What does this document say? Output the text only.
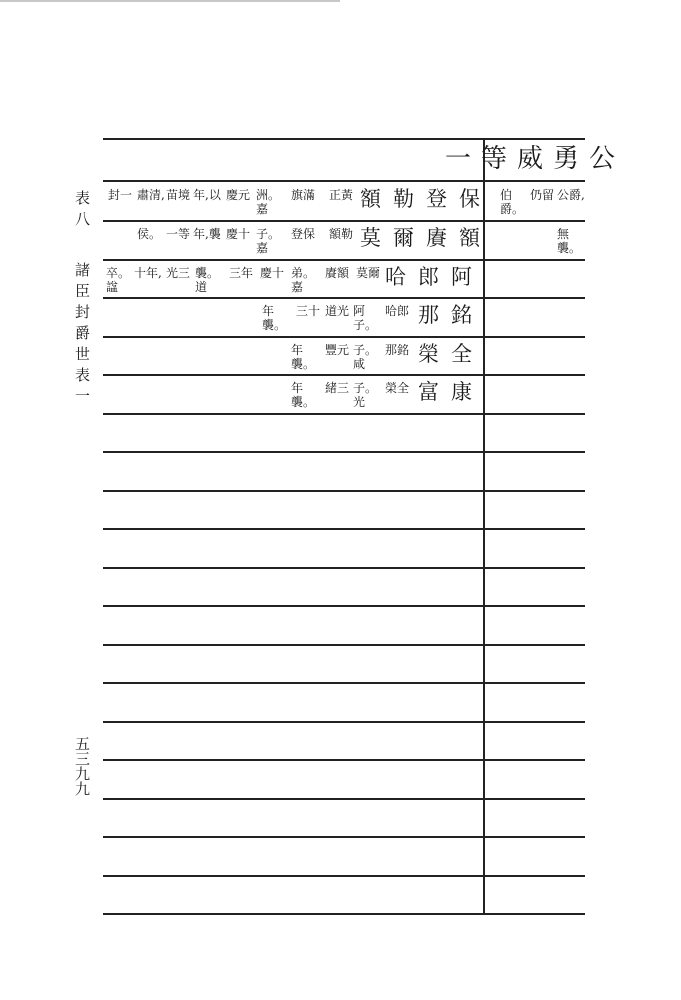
表八
諸臣封爵世表一
五三九九
一等威勇公
額勒登保
莫爾賡額
哈郎阿
那銘
榮全
富康
正黃
旗滿
洲。嘉
慶元
年,以
苗境
肅清,
封一
額勒
登保
子。嘉
慶十
年,襲
一等
侯。
莫爾
賡額
弟。嘉
慶十
三年
襲。道
光三
十年,
卒。諡
哈郎
阿子。
道光
三十
年襲。
那銘
子。咸
豐元
年襲。
榮全
子。光
緒三
年襲。
公爵,
無襲。
仍留
伯爵。
